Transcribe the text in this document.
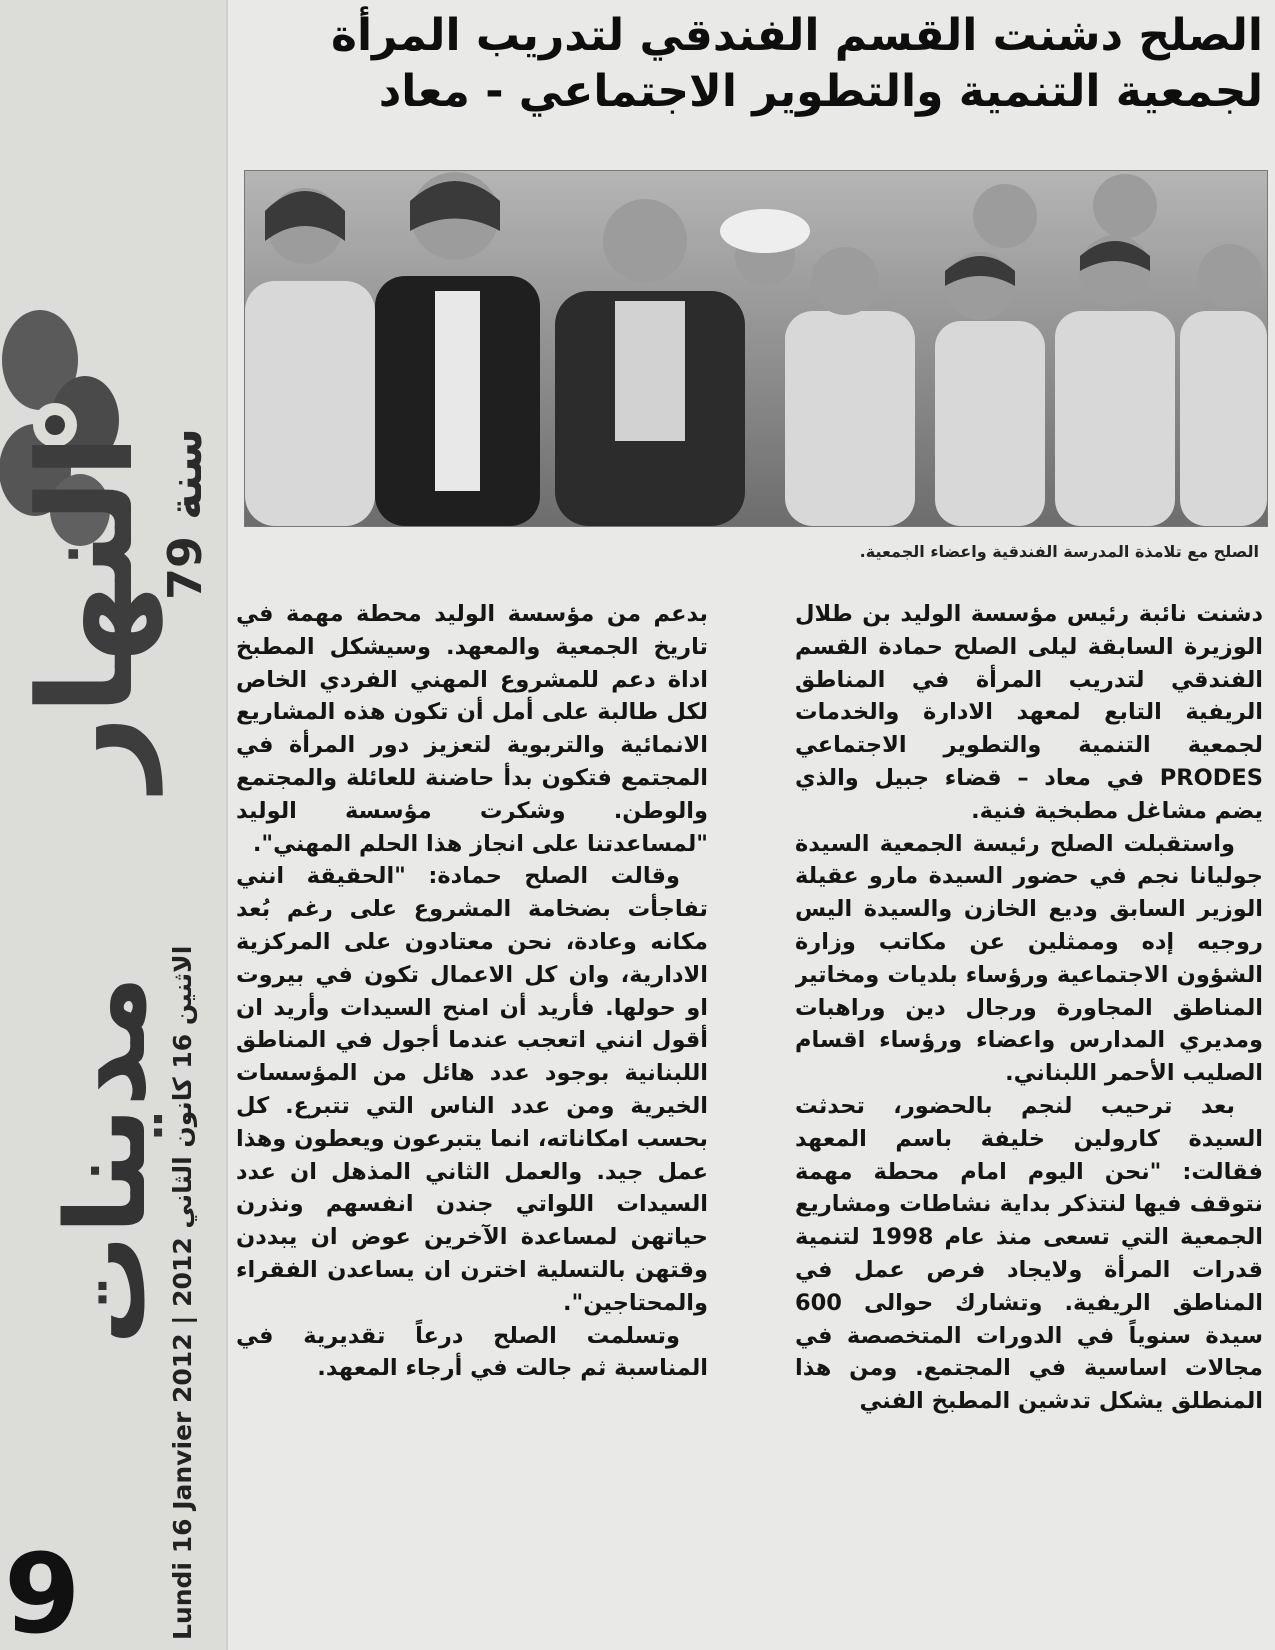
النهار
79 سنة
مدينات
Lundi 16 Janvier 2012 | 2012 الاثنين 16 كانون الثاني
9
الصلح دشنت القسم الفندقي لتدريب المرأة
لجمعية التنمية والتطوير الاجتماعي - معاد
الصلح مع تلامذة المدرسة الفندقية واعضاء الجمعية.

دشنت نائبة رئيس مؤسسة الوليد بن طلال الوزيرة السابقة ليلى الصلح حمادة القسم الفندقي لتدريب المرأة في المناطق الريفية التابع لمعهد الادارة والخدمات لجمعية التنمية والتطوير الاجتماعي PRODES في معاد – قضاء جبيل والذي يضم مشاغل مطبخية فنية.

واستقبلت الصلح رئيسة الجمعية السيدة جوليانا نجم في حضور السيدة مارو عقيلة الوزير السابق وديع الخازن والسيدة اليس روجيه إده وممثلين عن مكاتب وزارة الشؤون الاجتماعية ورؤساء بلديات ومخاتير المناطق المجاورة ورجال دين وراهبات ومديري المدارس واعضاء ورؤساء اقسام الصليب الأحمر اللبناني.

بعد ترحيب لنجم بالحضور، تحدثت السيدة كارولين خليفة باسم المعهد فقالت: "نحن اليوم امام محطة مهمة نتوقف فيها لنتذكر بداية نشاطات ومشاريع الجمعية التي تسعى منذ عام 1998 لتنمية قدرات المرأة ولايجاد فرص عمل في المناطق الريفية. وتشارك حوالى 600 سيدة سنوياً في الدورات المتخصصة في مجالات اساسية في المجتمع. ومن هذا المنطلق يشكل تدشين المطبخ الفني

بدعم من مؤسسة الوليد محطة مهمة في تاريخ الجمعية والمعهد. وسيشكل المطبخ اداة دعم للمشروع المهني الفردي الخاص لكل طالبة على أمل أن تكون هذه المشاريع الانمائية والتربوية لتعزيز دور المرأة في المجتمع فتكون بدأ حاضنة للعائلة والمجتمع والوطن. وشكرت مؤسسة الوليد "لمساعدتنا على انجاز هذا الحلم المهني".

وقالت الصلح حمادة: "الحقيقة انني تفاجأت بضخامة المشروع على رغم بُعد مكانه وعادة، نحن معتادون على المركزية الادارية، وان كل الاعمال تكون في بيروت او حولها. فأريد أن امنح السيدات وأريد ان أقول انني اتعجب عندما أجول في المناطق اللبنانية بوجود عدد هائل من المؤسسات الخيرية ومن عدد الناس التي تتبرع. كل بحسب امكاناته، انما يتبرعون ويعطون وهذا عمل جيد. والعمل الثاني المذهل ان عدد السيدات اللواتي جندن انفسهم ونذرن حياتهن لمساعدة الآخرين عوض ان يبددن وقتهن بالتسلية اخترن ان يساعدن الفقراء والمحتاجين".

وتسلمت الصلح درعاً تقديرية في المناسبة ثم جالت في أرجاء المعهد.
